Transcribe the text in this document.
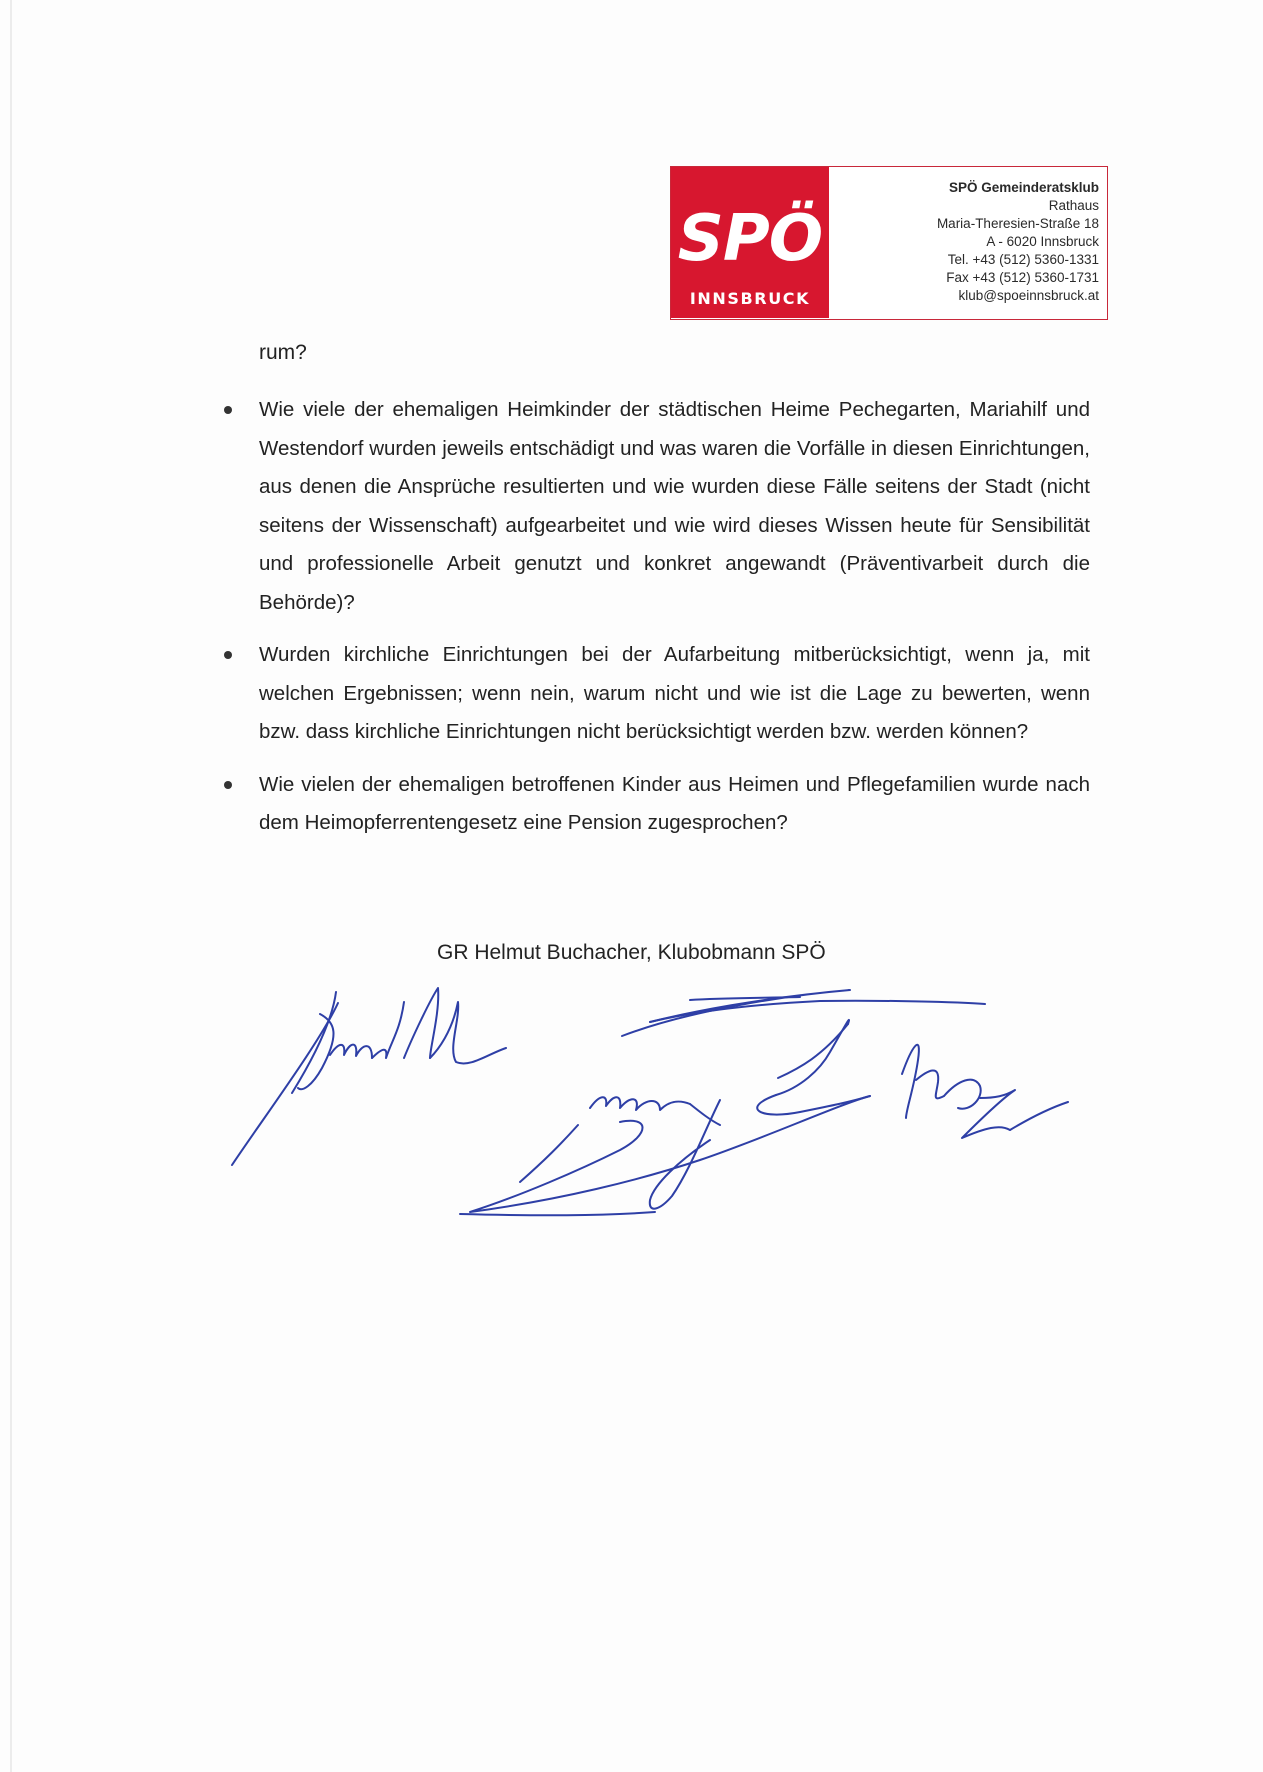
SPÖ
INNSBRUCK
SPÖ Gemeinderatsklub
Rathaus
Maria-Theresien-Straße 18
A - 6020 Innsbruck
Tel. +43 (512) 5360-1331
Fax +43 (512) 5360-1731
klub@spoeinnsbruck.at
rum?
Wie viele der ehemaligen Heimkinder der städtischen Heime Pechegarten, Mariahilf und Westendorf wurden jeweils entschädigt und was waren die Vorfälle in diesen Einrichtungen, aus denen die Ansprüche resultierten und wie wurden diese Fälle seitens der Stadt (nicht seitens der Wissenschaft) aufgearbeitet und wie wird dieses Wissen heute für Sensibilität und professionelle Arbeit genutzt und konkret angewandt (Präventivarbeit durch die Behörde)?
Wurden kirchliche Einrichtungen bei der Aufarbeitung mitberücksichtigt, wenn ja, mit welchen Ergebnissen; wenn nein, warum nicht und wie ist die Lage zu bewerten, wenn bzw. dass kirchliche Einrichtungen nicht berücksichtigt werden bzw. werden können?
Wie vielen der ehemaligen betroffenen Kinder aus Heimen und Pflegefamilien wurde nach dem Heimopferrentengesetz eine Pension zugesprochen?
GR Helmut Buchacher, Klubobmann SPÖ
